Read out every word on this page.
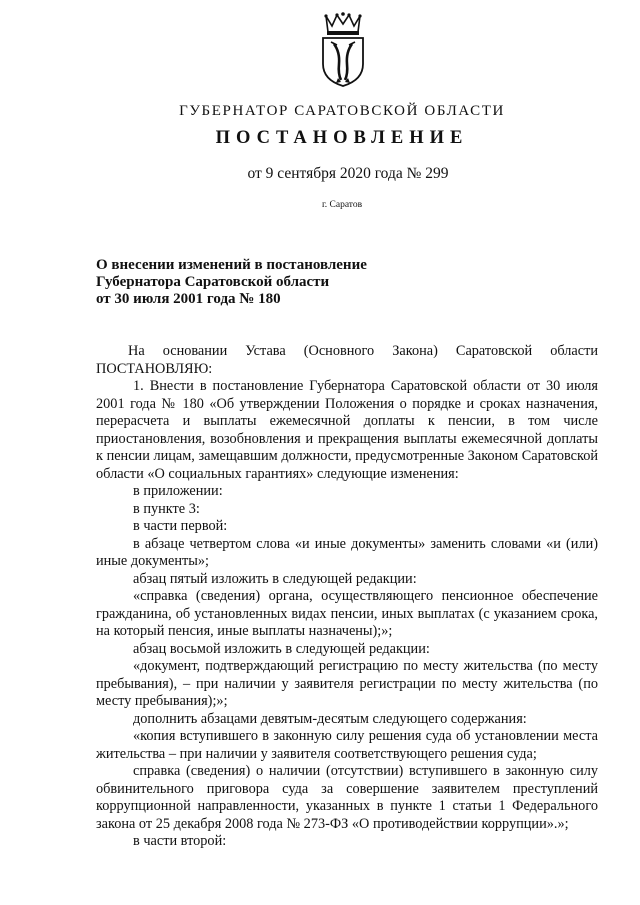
ГУБЕРНАТОР САРАТОВСКОЙ ОБЛАСТИ
ПОСТАНОВЛЕНИЕ
от 9 сентября 2020 года № 299
г. Саратов
О внесении изменений в постановление
Губернатора Саратовской области
от 30 июля 2001 года № 180

На основании Устава (Основного Закона) Саратовской области ПОСТАНОВЛЯЮ:

1. Внести в постановление Губернатора Саратовской области от 30 июля 2001 года № 180 «Об утверждении Положения о порядке и сроках назначения, перерасчета и выплаты ежемесячной доплаты к пенсии, в том числе приостановления, возобновления и прекращения выплаты ежемесячной доплаты к пенсии лицам, замещавшим должности, предусмотренные Законом Саратовской области «О социальных гарантиях» следующие изменения:

в приложении:

в пункте 3:

в части первой:

в абзаце четвертом слова «и иные документы» заменить словами «и (или) иные документы»;

абзац пятый изложить в следующей редакции:

«справка (сведения) органа, осуществляющего пенсионное обеспечение гражданина, об установленных видах пенсии, иных выплатах (с указанием срока, на который пенсия, иные выплаты назначены);»;

абзац восьмой изложить в следующей редакции:

«документ, подтверждающий регистрацию по месту жительства (по месту пребывания), – при наличии у заявителя регистрации по месту жительства (по месту пребывания);»;

дополнить абзацами девятым-десятым следующего содержания:

«копия вступившего в законную силу решения суда об установлении места жительства – при наличии у заявителя соответствующего решения суда;

справка (сведения) о наличии (отсутствии) вступившего в законную силу обвинительного приговора суда за совершение заявителем преступлений коррупционной направленности, указанных в пункте 1 статьи 1 Федерального закона от 25 декабря 2008 года № 273-ФЗ «О противодействии коррупции».»;

в части второй:
